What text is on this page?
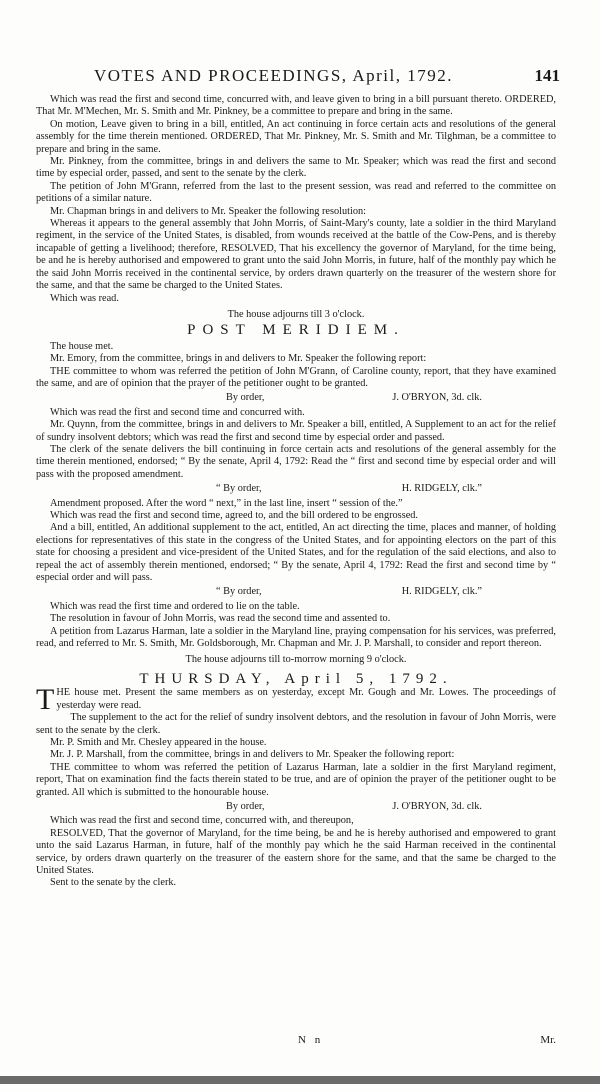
VOTES AND PROCEEDINGS, April, 1792.	141

Which was read the first and second time, concurred with, and leave given to bring in a bill pursuant thereto. ORDERED, That Mr. M'Mechen, Mr. S. Smith and Mr. Pinkney, be a committee to prepare and bring in the same.

On motion, Leave given to bring in a bill, entitled, An act continuing in force certain acts and resolutions of the general assembly for the time therein mentioned. ORDERED, That Mr. Pinkney, Mr. S. Smith and Mr. Tilghman, be a committee to prepare and bring in the same.

Mr. Pinkney, from the committee, brings in and delivers the same to Mr. Speaker; which was read the first and second time by especial order, passed, and sent to the senate by the clerk.

The petition of John M'Grann, referred from the last to the present session, was read and referred to the committee on petitions of a similar nature.

Mr. Chapman brings in and delivers to Mr. Speaker the following resolution:

Whereas it appears to the general assembly that John Morris, of Saint-Mary's county, late a soldier in the third Maryland regiment, in the service of the United States, is disabled, from wounds received at the battle of the Cow-Pens, and is thereby incapable of getting a livelihood; therefore, RESOLVED, That his excellency the governor of Maryland, for the time being, be and he is hereby authorised and empowered to grant unto the said John Morris, in future, half of the monthly pay which he the said John Morris received in the continental service, by orders drawn quarterly on the treasurer of the western shore for the same, and that the same be charged to the United States.

Which was read.

The house adjourns till 3 o'clock.

POST MERIDIEM.

The house met.

Mr. Emory, from the committee, brings in and delivers to Mr. Speaker the following report:

THE committee to whom was referred the petition of John M'Grann, of Caroline county, report, that they have examined the same, and are of opinion that the prayer of the petitioner ought to be granted.

By order,	J. O'BRYON, 3d. clk.

Which was read the first and second time and concurred with.

Mr. Quynn, from the committee, brings in and delivers to Mr. Speaker a bill, entitled, A Supplement to an act for the relief of sundry insolvent debtors; which was read the first and second time by especial order and passed.

The clerk of the senate delivers the bill continuing in force certain acts and resolutions of the general assembly for the time therein mentioned, endorsed; “ By the senate, April 4, 1792: Read the “ first and second time by especial order and will pass with the proposed amendment.

“ By order,	H. RIDGELY, clk.”

Amendment proposed. After the word “ next,” in the last line, insert “ session of the.”

Which was read the first and second time, agreed to, and the bill ordered to be engrossed.

And a bill, entitled, An additional supplement to the act, entitled, An act directing the time, places and manner, of holding elections for representatives of this state in the congress of the United States, and for appointing electors on the part of this state for choosing a president and vice-president of the United States, and for the regulation of the said elections, and also to repeal the act of assembly therein mentioned, endorsed; “ By the senate, April 4, 1792: Read the first and second time by “ especial order and will pass.

“ By order,	H. RIDGELY, clk.”

Which was read the first time and ordered to lie on the table.

The resolution in favour of John Morris, was read the second time and assented to.

A petition from Lazarus Harman, late a soldier in the Maryland line, praying compensation for his services, was preferred, read, and referred to Mr. S. Smith, Mr. Goldsborough, Mr. Chapman and Mr. J. P. Marshall, to consider and report thereon.

The house adjourns till to-morrow morning 9 o'clock.

THURSDAY, April 5, 1792.

THE house met. Present the same members as on yesterday, except Mr. Gough and Mr. Lowes. The proceedings of yesterday were read.

The supplement to the act for the relief of sundry insolvent debtors, and the resolution in favour of John Morris, were sent to the senate by the clerk.

Mr. P. Smith and Mr. Chesley appeared in the house.

Mr. J. P. Marshall, from the committee, brings in and delivers to Mr. Speaker the following report:

THE committee to whom was referred the petition of Lazarus Harman, late a soldier in the first Maryland regiment, report, That on examination find the facts therein stated to be true, and are of opinion the prayer of the petitioner ought to be granted. All which is submitted to the honourable house.

By order,	J. O'BRYON, 3d. clk.

Which was read the first and second time, concurred with, and thereupon,

RESOLVED, That the governor of Maryland, for the time being, be and he is hereby authorised and empowered to grant unto the said Lazarus Harman, in future, half of the monthly pay which he the said Harman received in the continental service, by orders drawn quarterly on the treasurer of the eastern shore for the same, and that the same be charged to the United States.

Sent to the senate by the clerk.

N n	Mr.
